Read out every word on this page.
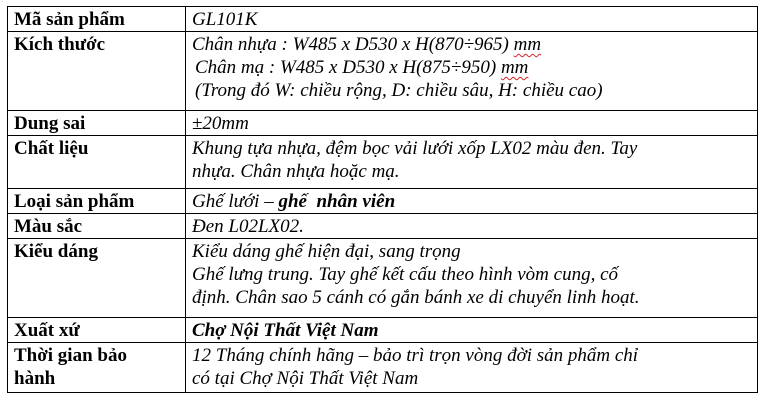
·
Mã sản phẩm	GL101K
Kích thước	Chân nhựa : W485 x D530 x H(870÷965) mm
Chân mạ : W485 x D530 x H(875÷950) mm
(Trong đó W: chiều rộng, D: chiều sâu, H: chiều cao)

Dung sai	±20mm
Chất liệu	Khung tựa nhựa, đệm bọc vải lưới xốp LX02 màu đen. Tay
nhựa. Chân nhựa hoặc mạ.

Loại sản phẩm	Ghế lưới – ghế  nhân viên
Màu sắc	Đen L02LX02.
Kiểu dáng	Kiểu dáng ghế hiện đại, sang trọng
Ghế lưng trung. Tay ghế kết cấu theo hình vòm cung, cố
định. Chân sao 5 cánh có gắn bánh xe di chuyển linh hoạt.

Xuất xứ	Chợ Nội Thất Việt Nam

Thời gian bảo
hành	12 Tháng chính hãng – bảo trì trọn vòng đời sản phẩm chỉ
có tại Chợ Nội Thất Việt Nam
